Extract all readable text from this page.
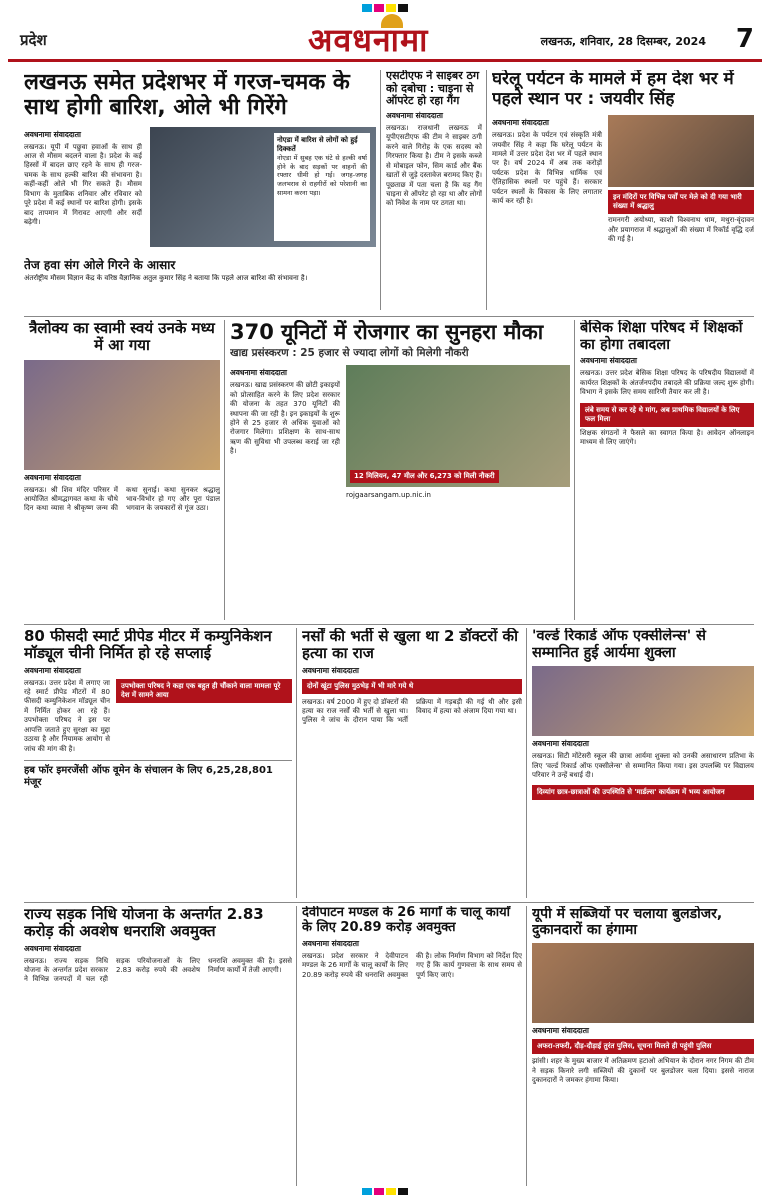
प्रदेश	अवधनामा	लखनऊ, शनिवार, 28 दिसम्बर, 2024 7
लखनऊ समेत प्रदेशभर में गरज-चमक के साथ होगी बारिश, ओले भी गिरेंगे
अवधनामा संवाददाता
लखनऊ। यूपी में पछुवा हवाओं के साथ ही आज से मौसम बदलने वाला है। प्रदेश के कई हिस्सों में बादल छाए रहने के साथ ही गरज-चमक के साथ हल्की बारिश की संभावना है। कहीं-कहीं ओले भी गिर सकते हैं। मौसम विभाग के मुताबिक शनिवार और रविवार को पूरे प्रदेश में कई स्थानों पर बारिश होगी। इसके बाद तापमान में गिरावट आएगी और सर्दी बढ़ेगी।
नोएडा में बारिश से लोगों को हुई दिक्कतें
नोएडा में सुबह एक घंटे से हल्की वर्षा होने के बाद सड़कों पर वाहनों की रफ्तार धीमी हो गई। जगह-जगह जलभराव से राहगीरों को परेशानी का सामना करना पड़ा।
तेज हवा संग ओले गिरने के आसार
अंतर्राष्ट्रीय मौसम विज्ञान केंद्र के वरिष्ठ वैज्ञानिक अतुल कुमार सिंह ने बताया कि पहले आज बारिश की संभावना है।
एसटीएफ ने साइबर ठग को दबोचा : चाइना से ऑपरेट हो रहा गैंग
अवधनामा संवाददाता
लखनऊ। राजधानी लखनऊ में यूपीएसटीएफ की टीम ने साइबर ठगी करने वाले गिरोह के एक सदस्य को गिरफ्तार किया है। टीम ने इसके कब्जे से मोबाइल फोन, सिम कार्ड और बैंक खातों से जुड़े दस्तावेज बरामद किए हैं। पूछताछ में पता चला है कि यह गैंग चाइना से ऑपरेट हो रहा था और लोगों को निवेश के नाम पर ठगता था।
घरेलू पर्यटन के मामले में हम देश भर में पहले स्थान पर : जयवीर सिंह
अवधनामा संवाददाता
लखनऊ। प्रदेश के पर्यटन एवं संस्कृति मंत्री जयवीर सिंह ने कहा कि घरेलू पर्यटन के मामले में उत्तर प्रदेश देश भर में पहले स्थान पर है। वर्ष 2024 में अब तक करोड़ों पर्यटक प्रदेश के विभिन्न धार्मिक एवं ऐतिहासिक स्थलों पर पहुंचे हैं। सरकार पर्यटन स्थलों के विकास के लिए लगातार कार्य कर रही है।
इन मंदिरों पर विभिन्न पर्वों पर मेले को दी गया भारी संख्या में श्रद्धालु
रामनगरी अयोध्या, काशी विश्वनाथ धाम, मथुरा-वृंदावन और प्रयागराज में श्रद्धालुओं की संख्या में रिकॉर्ड वृद्धि दर्ज की गई है।
त्रैलोक्य का स्वामी स्वयं उनके मध्य में आ गया
अवधनामा संवाददाता
लखनऊ। श्री शिव मंदिर परिसर में आयोजित श्रीमद्भागवत कथा के चौथे दिन कथा व्यास ने श्रीकृष्ण जन्म की कथा सुनाई। कथा सुनकर श्रद्धालु भाव-विभोर हो गए और पूरा पंडाल भगवान के जयकारों से गूंज उठा।
370 यूनिटों में रोजगार का सुनहरा मौका
खाद्य प्रसंस्करण : 25 हजार से ज्यादा लोगों को मिलेगी नौकरी
अवधनामा संवाददाता
लखनऊ। खाद्य प्रसंस्करण की छोटी इकाइयों को प्रोत्साहित करने के लिए प्रदेश सरकार की योजना के तहत 370 यूनिटों की स्थापना की जा रही है। इन इकाइयों के शुरू होने से 25 हजार से अधिक युवाओं को रोजगार मिलेगा। प्रशिक्षण के साथ-साथ ऋण की सुविधा भी उपलब्ध कराई जा रही है।
12 मिलियन, 47 मील और 6,273 को मिली नौकरी
rojgaarsangam.up.nic.in
बेसिक शिक्षा परिषद में शिक्षकों का होगा तबादला
अवधनामा संवाददाता
लखनऊ। उत्तर प्रदेश बेसिक शिक्षा परिषद के परिषदीय विद्यालयों में कार्यरत शिक्षकों के अंतर्जनपदीय तबादले की प्रक्रिया जल्द शुरू होगी। विभाग ने इसके लिए समय सारिणी तैयार कर ली है।
लंबे समय से कर रहे थे मांग, अब प्राथमिक विद्यालयों के लिए फल मिला
शिक्षक संगठनों ने फैसले का स्वागत किया है। आवेदन ऑनलाइन माध्यम से लिए जाएंगे।
80 फीसदी स्मार्ट प्रीपेड मीटर में कम्युनिकेशन मॉड्यूल चीनी निर्मित हो रहे सप्लाई
अवधनामा संवाददाता
लखनऊ। उत्तर प्रदेश में लगाए जा रहे स्मार्ट प्रीपेड मीटरों में 80 फीसदी कम्युनिकेशन मॉड्यूल चीन में निर्मित होकर आ रहे हैं। उपभोक्ता परिषद ने इस पर आपत्ति जताते हुए सुरक्षा का मुद्दा उठाया है और नियामक आयोग से जांच की मांग की है।
उपभोक्ता परिषद ने कहा एक बहुत ही चौंकाने वाला मामला पूरे देश में सामने आया
हब फॉर इमरजेंसी ऑफ वूमेन के संचालन के लिए 6,25,28,801 मंजूर
नर्सों की भर्ती से खुला था 2 डॉक्टरों की हत्या का राज
अवधनामा संवाददाता
दोनों खूंटा पुलिस मुठभेड़ में भी मारे गये थे
लखनऊ। वर्ष 2000 में हुए दो डॉक्टरों की हत्या का राज नर्सों की भर्ती से खुला था। पुलिस ने जांच के दौरान पाया कि भर्ती प्रक्रिया में गड़बड़ी की गई थी और इसी विवाद में हत्या को अंजाम दिया गया था।
'वर्ल्ड रिकार्ड ऑफ एक्सीलेन्स' से सम्मानित हुई आर्यमा शुक्ला
अवधनामा संवाददाता
लखनऊ। सिटी मोंटेसरी स्कूल की छात्रा आर्यमा शुक्ला को उनकी असाधारण प्रतिभा के लिए 'वर्ल्ड रिकार्ड ऑफ एक्सीलेन्स' से सम्मानित किया गया। इस उपलब्धि पर विद्यालय परिवार ने उन्हें बधाई दी।
दिव्यांग छात्र-छात्राओं की उपस्थिति से 'मार्डल्स' कार्यक्रम में भव्य आयोजन
राज्य सड़क निधि योजना के अन्तर्गत 2.83 करोड़ की अवशेष धनराशि अवमुक्त
अवधनामा संवाददाता
लखनऊ। राज्य सड़क निधि योजना के अन्तर्गत प्रदेश सरकार ने विभिन्न जनपदों में चल रही सड़क परियोजनाओं के लिए 2.83 करोड़ रुपये की अवशेष धनराशि अवमुक्त की है। इससे निर्माण कार्यों में तेजी आएगी।
देवीपाटन मण्डल के 26 मार्गों के चालू कार्यों के लिए 20.89 करोड़ अवमुक्त
अवधनामा संवाददाता
लखनऊ। प्रदेश सरकार ने देवीपाटन मण्डल के 26 मार्गों के चालू कार्यों के लिए 20.89 करोड़ रुपये की धनराशि अवमुक्त की है। लोक निर्माण विभाग को निर्देश दिए गए हैं कि कार्य गुणवत्ता के साथ समय से पूर्ण किए जाएं।
यूपी में सब्जियों पर चलाया बुलडोजर, दुकानदारों का हंगामा
अवधनामा संवाददाता
अफरा-तफरी, दौड़-दौड़ाई तुरंत पुलिस, सूचना मिलते ही पहुंची पुलिस
झांसी। शहर के मुख्य बाजार में अतिक्रमण हटाओ अभियान के दौरान नगर निगम की टीम ने सड़क किनारे लगी सब्जियों की दुकानों पर बुलडोजर चला दिया। इससे नाराज दुकानदारों ने जमकर हंगामा किया।
